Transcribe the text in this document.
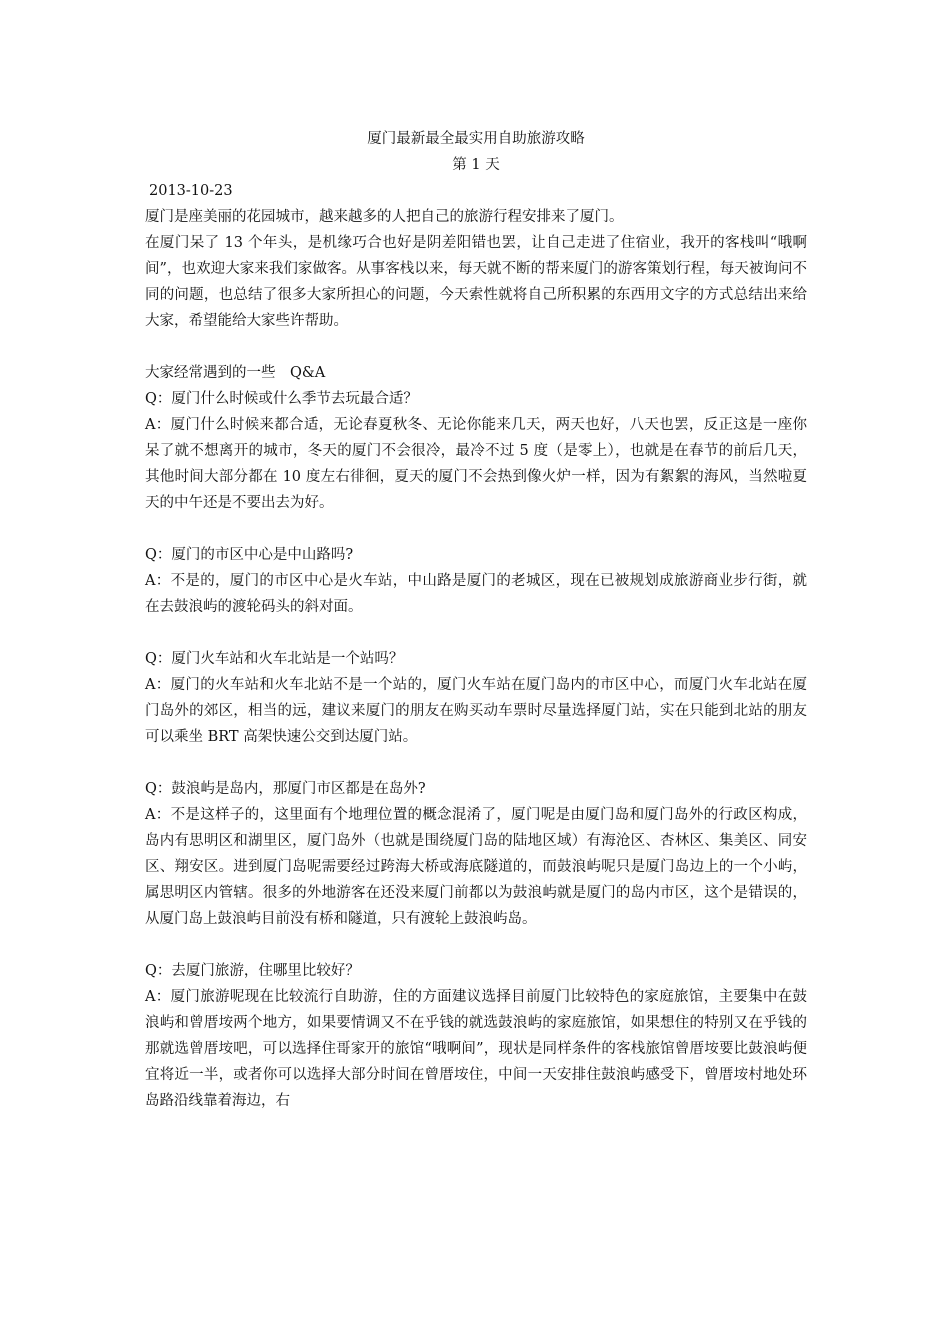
厦门最新最全最实用自助旅游攻略

第 1 天

2013-10-23

厦门是座美丽的花园城市，越来越多的人把自己的旅游行程安排来了厦门。

在厦门呆了 13 个年头，是机缘巧合也好是阴差阳错也罢，让自己走进了住宿业，我开的客栈叫“哦啊间”，也欢迎大家来我们家做客。从事客栈以来，每天就不断的帮来厦门的游客策划行程，每天被询问不同的问题，也总结了很多大家所担心的问题，今天索性就将自己所积累的东西用文字的方式总结出来给大家，希望能给大家些许帮助。

大家经常遇到的一些　Q&A

Q：厦门什么时候或什么季节去玩最合适？

A：厦门什么时候来都合适，无论春夏秋冬、无论你能来几天，两天也好，八天也罢，反正这是一座你呆了就不想离开的城市，冬天的厦门不会很冷，最冷不过 5 度（是零上），也就是在春节的前后几天，其他时间大部分都在 10 度左右徘徊，夏天的厦门不会热到像火炉一样，因为有絮絮的海风，当然啦夏天的中午还是不要出去为好。

Q：厦门的市区中心是中山路吗?

A：不是的，厦门的市区中心是火车站，中山路是厦门的老城区，现在已被规划成旅游商业步行街，就在去鼓浪屿的渡轮码头的斜对面。

Q：厦门火车站和火车北站是一个站吗？

A：厦门的火车站和火车北站不是一个站的，厦门火车站在厦门岛内的市区中心，而厦门火车北站在厦门岛外的郊区，相当的远，建议来厦门的朋友在购买动车票时尽量选择厦门站，实在只能到北站的朋友可以乘坐 BRT 高架快速公交到达厦门站。

Q：鼓浪屿是岛内，那厦门市区都是在岛外?

A：不是这样子的，这里面有个地理位置的概念混淆了，厦门呢是由厦门岛和厦门岛外的行政区构成，岛内有思明区和湖里区，厦门岛外（也就是围绕厦门岛的陆地区域）有海沧区、杏林区、集美区、同安区、翔安区。进到厦门岛呢需要经过跨海大桥或海底隧道的，而鼓浪屿呢只是厦门岛边上的一个小屿，属思明区内管辖。很多的外地游客在还没来厦门前都以为鼓浪屿就是厦门的岛内市区，这个是错误的，从厦门岛上鼓浪屿目前没有桥和隧道，只有渡轮上鼓浪屿岛。

Q：去厦门旅游，住哪里比较好？

A：厦门旅游呢现在比较流行自助游，住的方面建议选择目前厦门比较特色的家庭旅馆，主要集中在鼓浪屿和曾厝垵两个地方，如果要情调又不在乎钱的就选鼓浪屿的家庭旅馆，如果想住的特别又在乎钱的那就选曾厝垵吧，可以选择住哥家开的旅馆“哦啊间”，现状是同样条件的客栈旅馆曾厝垵要比鼓浪屿便宜将近一半，或者你可以选择大部分时间在曾厝垵住，中间一天安排住鼓浪屿感受下，曾厝垵村地处环岛路沿线靠着海边，右
